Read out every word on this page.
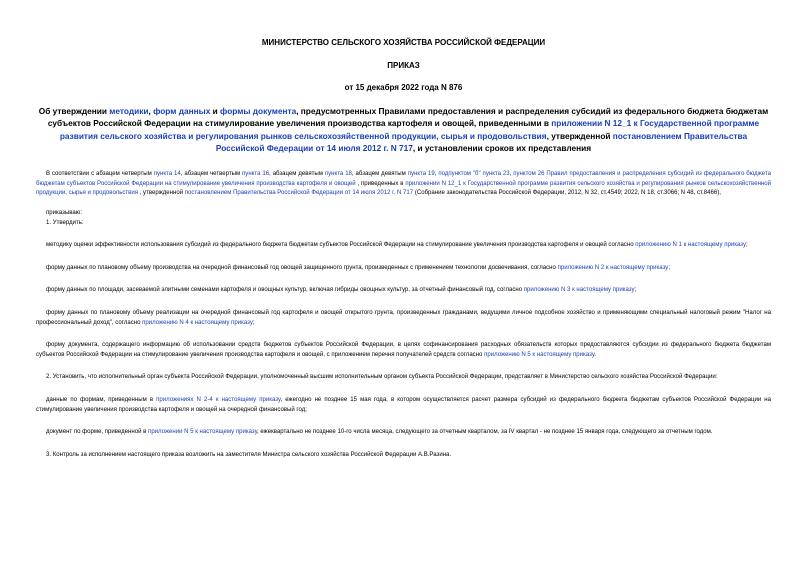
МИНИСТЕРСТВО СЕЛЬСКОГО ХОЗЯЙСТВА РОССИЙСКОЙ ФЕДЕРАЦИИ
ПРИКАЗ
от 15 декабря 2022 года N 876
Об утверждении методики, форм данных и формы документа, предусмотренных Правилами предоставления и распределения субсидий из федерального бюджета бюджетам субъектов Российской Федерации на стимулирование увеличения производства картофеля и овощей, приведенными в приложении N 12_1 к Государственной программе развития сельского хозяйства и регулирования рынков сельскохозяйственной продукции, сырья и продовольствия, утвержденной постановлением Правительства Российской Федерации от 14 июля 2012 г. N 717, и установлении сроков их представления

В соответствии с абзацем четвертым пункта 14, абзацем четвертым пункта 16, абзацем девятым пункта 18, абзацем девятым пункта 19, подпунктом "б" пункта 23, пунктом 26 Правил предоставления и распределения субсидий из федерального бюджета бюджетам субъектов Российской Федерации на стимулирование увеличения производства картофеля и овощей , приведенных в приложении N 12_1 к Государственной программе развития сельского хозяйства и регулирования рынков сельскохозяйственной продукции, сырья и продовольствия , утвержденной постановлением Правительства Российской Федерации от 14 июля 2012 г. N 717 (Собрание законодательства Российской Федерации, 2012, N 32, ст.4549; 2022, N 18, ст.3066; N 48, ст.8466),

приказываю:

1. Утвердить:

методику оценки эффективности использования субсидий из федерального бюджета бюджетам субъектов Российской Федерации на стимулирование увеличения производства картофеля и овощей согласно приложению N 1 к настоящему приказу;

форму данных по плановому объему производства на очередной финансовый год овощей защищенного грунта, произведенных с применением технологии досвечивания, согласно приложению N 2 к настоящему приказу;

форму данных по площади, засеваемой элитными семенами картофеля и овощных культур, включая гибриды овощных культур, за отчетный финансовый год, согласно приложению N 3 к настоящему приказу;

форму данных по плановому объему реализации на очередной финансовый год картофеля и овощей открытого грунта, произведенных гражданами, ведущими личное подсобное хозяйство и применяющими специальный налоговый режим "Налог на профессиональный доход", согласно приложению N 4 к настоящему приказу;

форму документа, содержащего информацию об использовании средств бюджетов субъектов Российской Федерации, в целях софинансирования расходных обязательств которых предоставляются субсидии из федерального бюджета бюджетам субъектов Российской Федерации на стимулирование увеличения производства картофеля и овощей, с приложением перечня получателей средств согласно приложению N 5 к настоящему приказу.

2. Установить, что исполнительный орган субъекта Российской Федерации, уполномоченный высшим исполнительным органом субъекта Российской Федерации, представляет в Министерство сельского хозяйства Российской Федерации:

данные по формам, приведенным в приложениях N 2-4 к настоящему приказу, ежегодно не позднее 15 мая года, в котором осуществляется расчет размера субсидий из федерального бюджета бюджетам субъектов Российской Федерации на стимулирование увеличения производства картофеля и овощей на очередной финансовый год;

документ по форме, приведенной в приложении N 5 к настоящему приказу, ежеквартально не позднее 10-го числа месяца, следующего за отчетным кварталом, за IV квартал - не позднее 15 января года, следующего за отчетным годом.

3. Контроль за исполнением настоящего приказа возложить на заместителя Министра сельского хозяйства Российской Федерации А.В.Разина.
